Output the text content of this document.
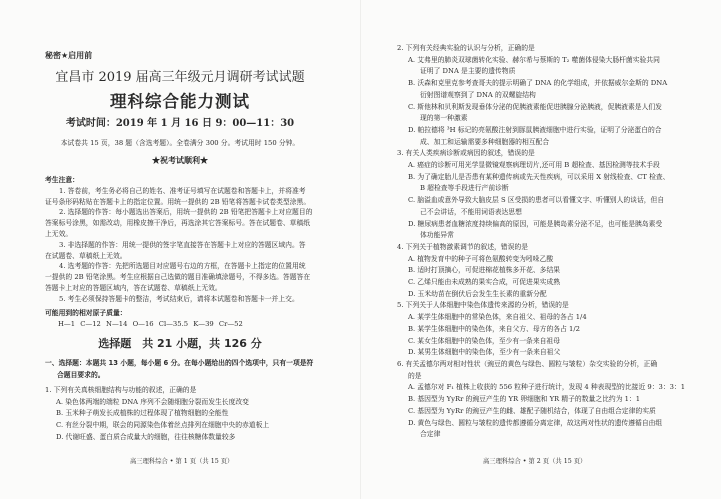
秘密★启用前
宜昌市 2019 届高三年级元月调研考试试题
理科综合能力测试
考试时间：2019 年 1 月 16 日 9：00—11：30
本试卷共 15 页，38 题（含选考题）。全卷满分 300 分。考试用时 150 分钟。
★祝考试顺利★
考生注意：
1. 答卷前，考生务必将自己的姓名、准考证号填写在试题卷和答题卡上，并将准考
证号条形码粘贴在答题卡上的指定位置。用统一提供的 2B 铅笔将答题卡试卷类型涂黑。
2. 选择题的作答：每小题选出答案后，用统一提供的 2B 铅笔把答题卡上对应题目的
答案标号涂黑，如需改动，用橡皮擦干净后，再选涂其它答案标号。答在试题卷、草稿纸
上无效。
3. 非选择题的作答：用统一提供的签字笔直接答在答题卡上对应的答题区域内。答
在试题卷、草稿纸上无效。
4. 选考题的作答：先把所选题目对应题号右边的方框，在答题卡上指定的位置用统
一提供的 2B 铅笔涂黑。考生应根据自己选做的题目准确填涂题号，不得多选。答题答在
答题卡上对应的答题区域内，答在试题卷、草稿纸上无效。
5. 考生必须保持答题卡的整洁，考试结束后，请将本试题卷和答题卡一并上交。
可能用到的相对原子质量：
H—1 C—12 N—14 O—16 Cl—35.5 K—39 Cr—52
选择题　共 21 小题，共 126 分
一、选择题：本题共 13 小题，每小题 6 分。在每小题给出的四个选项中，只有一项是符
合题目要求的。
1. 下列有关真核细胞结构与功能的叙述，正确的是
A. 染色体两端的端粒 DNA 序列不会随细胞分裂而发生长度改变
B. 玉米种子萌发长成植株的过程体现了植物细胞的全能性
C. 有丝分裂中期，联会的同源染色体着丝点排列在细胞中央的赤道板上
D. 代谢旺盛、蛋白质合成量大的细胞，往往核糖体数量较多
高三理科综合 • 第 1 页（共 15 页）
2. 下列有关经典实验的认识与分析，正确的是
A. 艾弗里的肺炎双球菌转化实验、赫尔希与蔡斯的 T₂ 噬菌体侵染大肠杆菌实验共同
证明了 DNA 是主要的遗传物质
B. 沃森和克里克参考查哥夫的提示明确了 DNA 的化学组成，并依据威尔金斯的 DNA
衍射图谱观察到了 DNA 的双螺旋结构
C. 斯他林和贝利斯发现垂体分泌的促胰液素能促进胰腺分泌胰液，促胰液素是人们发
现的第一种激素
D. 帕拉德将 ³H 标记的亮氨酸注射到豚鼠胰液细胞中进行实验，证明了分泌蛋白的合
成、加工和运输需要多种细胞器的相互配合
3. 有关人类疾病诊断或病因的叙述，错误的是
A. 癌症的诊断可用光学显微镜观察病理切片,还可用 B 超检查、基因检测等技术手段
B. 为了确定胎儿是否患有某种遗传病或先天性疾病，可以采用 X 射线检查、CT 检查、
B 超检查等手段进行产前诊断
C. 脑溢血或意外导致大脑皮层 S 区受损的患者可以看懂文字、听懂别人的谈话，但自
己不会讲话，不能用词语表达思想
D. 糖尿病患者血糖浓度持续偏高的原因，可能是胰岛素分泌不足，也可能是胰岛素受
体功能异常
4. 下列关于植物激素调节的叙述，错误的是
A. 植物发育中的种子可将色氨酸转变为吲哚乙酸
B. 适时打顶摘心，可促进棉花植株多开花、多结果
C. 乙烯只能由未成熟的果实合成，可促进果实成熟
D. 玉米幼苗在倒伏后会发生生长素的重新分配
5. 下列关于人体细胞中染色体遗传来源的分析，错误的是
A. 某学生体细胞中的常染色体，来自祖父、祖母的各占 1/4
B. 某学生体细胞中的染色体，来自父方、母方的各占 1/2
C. 某女生体细胞中的染色体，至少有一条来自祖母
D. 某男生体细胞中的染色体，至少有一条来自祖父
6. 有关孟德尔两对相对性状（豌豆的黄色与绿色、圆粒与皱粒）杂交实验的分析，正确
的是
A. 孟德尔对 F₁ 植株上收获的 556 粒种子进行统计，发现 4 种表现型的比接近 9：3：3：1
B. 基因型为 YyRr 的豌豆产生的 YR 卵细胞和 YR 精子的数量之比约为 1：1
C. 基因型为 YyRr 的豌豆产生的雌、雄配子随机结合，体现了自由组合定律的实质
D. 黄色与绿色、圆粒与皱粒的遗传都遵循分离定律，故这两对性状的遗传遵循自由组
合定律
高三理科综合 • 第 2 页（共 15 页）
